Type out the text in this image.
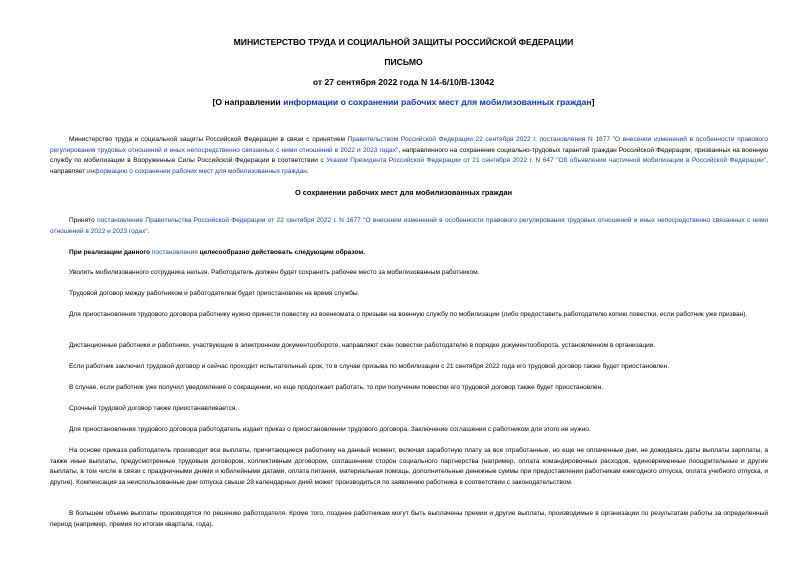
МИНИСТЕРСТВО ТРУДА И СОЦИАЛЬНОЙ ЗАЩИТЫ РОССИЙСКОЙ ФЕДЕРАЦИИ
ПИСЬМО
от 27 сентября 2022 года N 14-6/10/В-13042
[О направлении информации о сохранении рабочих мест для мобилизованных граждан]
Министерство труда и социальной защиты Российской Федерации в связи с принятием Правительством Российской Федерации 22 сентября 2022 г. постановления N 1677 "О внесении изменений в особенности правового регулирования трудовых отношений и иных непосредственно связанных с ними отношений в 2022 и 2023 годах", направленного на сохранение социально-трудовых гарантий граждан Российской Федерации, призванных на военную службу по мобилизации в Вооруженные Силы Российской Федерации в соответствии с Указом Президента Российской Федерации от 21 сентября 2022 г. N 647 "Об объявлении частичной мобилизации в Российской Федерации", направляет информацию о сохранении рабочих мест для мобилизованных граждан.
О сохранении рабочих мест для мобилизованных граждан
Принято постановление Правительства Российской Федерации от 22 сентября 2022 г. N 1677 "О внесении изменений в особенности правового регулирования трудовых отношений и иных непосредственно связанных с ними отношений в 2022 и 2023 годах".
При реализации данного постановления целесообразно действовать следующим образом.
Уволить мобилизованного сотрудника нельзя. Работодатель должен будет сохранить рабочее место за мобилизованным работником.
Трудовой договор между работником и работодателем будет приостановлен на время службы.
Для приостановления трудового договора работнику нужно принести повестку из военкомата о призыве на военную службу по мобилизации (либо предоставить работодателю копию повестки, если работник уже призван).
Дистанционные работники и работники, участвующие в электронном документообороте, направляют скан повестки работодателю в порядке документооборота, установленном в организации.
Если работник заключил трудовой договор и сейчас проходит испытательный срок, то в случае призыва по мобилизации с 21 сентября 2022 года его трудовой договор также будет приостановлен.
В случае, если работник уже получил уведомление о сокращении, но еще продолжает работать, то при получении повестки его трудовой договор также будет приостановлен.
Срочный трудовой договор также приостанавливается.
Для приостановления трудового договора работодатель издает приказ о приостановлении трудового договора. Заключение соглашения с работником для этого не нужно.
На основе приказа работодатель производит все выплаты, причитающиеся работнику на данный момент, включая заработную плату за все отработанные, но еще не оплаченные дни, не дожидаясь даты выплаты зарплаты, а также иные выплаты, предусмотренные трудовым договором, коллективным договором, соглашением сторон социального партнерства (например, оплата командировочных расходов, единовременные поощрительные и другие выплаты, в том числе в связи с праздничными днями и юбилейными датами, оплата питания, материальная помощь, дополнительные денежные суммы при предоставлении работникам ежегодного отпуска, оплата учебного отпуска, и другие). Компенсация за неиспользованные дни отпуска свыше 28 календарных дней может производиться по заявлению работника в соответствии с законодательством.
В большем объеме выплаты производятся по решению работодателя. Кроме того, позднее работникам могут быть выплачены премии и другие выплаты, производимые в организации по результатам работы за определенный период (например, премия по итогам квартала, года).
